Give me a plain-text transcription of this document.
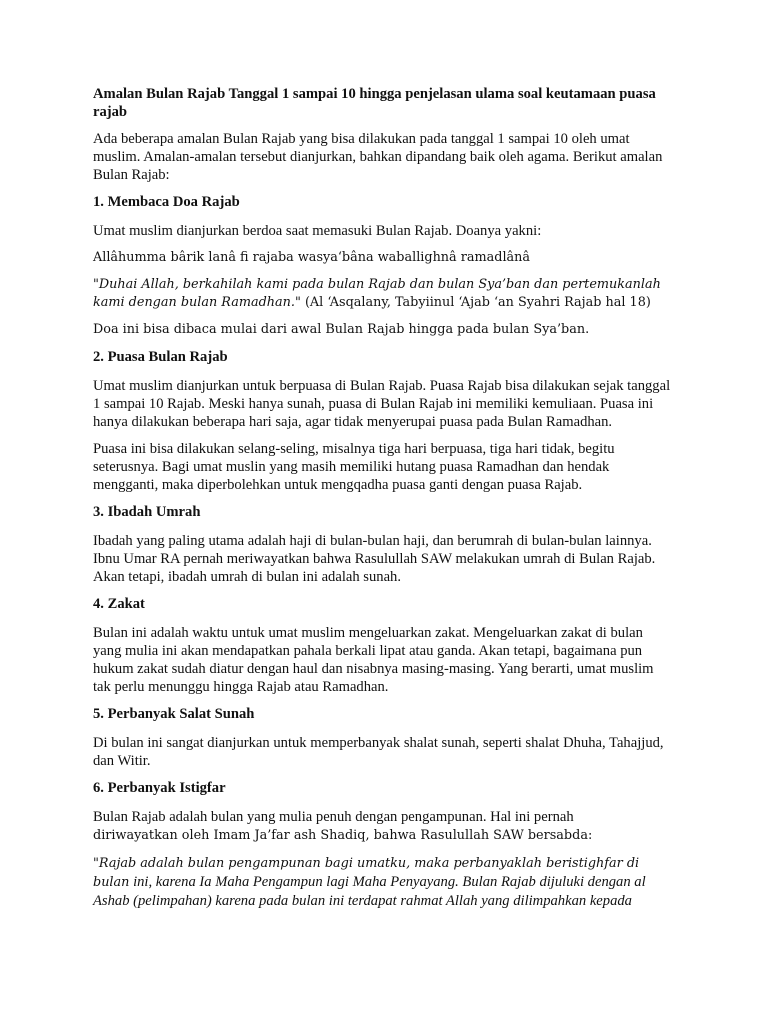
Amalan Bulan Rajab Tanggal 1 sampai 10 hingga penjelasan ulama soal keutamaan puasa rajab

Ada beberapa amalan Bulan Rajab yang bisa dilakukan pada tanggal 1 sampai 10 oleh umat muslim. Amalan-amalan tersebut dianjurkan, bahkan dipandang baik oleh agama. Berikut amalan Bulan Rajab:

1. Membaca Doa Rajab

Umat muslim dianjurkan berdoa saat memasuki Bulan Rajab. Doanya yakni:

Allâhumma bârik lanâ fi rajaba wasya‘bâna waballighnâ ramadlânâ

"Duhai Allah, berkahilah kami pada bulan Rajab dan bulan Sya’ban dan pertemukanlah kami dengan bulan Ramadhan." (Al ‘Asqalany, Tabyiinul ‘Ajab ‘an Syahri Rajab hal 18)

Doa ini bisa dibaca mulai dari awal Bulan Rajab hingga pada bulan Sya’ban.

2. Puasa Bulan Rajab

Umat muslim dianjurkan untuk berpuasa di Bulan Rajab. Puasa Rajab bisa dilakukan sejak tanggal 1 sampai 10 Rajab. Meski hanya sunah, puasa di Bulan Rajab ini memiliki kemuliaan. Puasa ini hanya dilakukan beberapa hari saja, agar tidak menyerupai puasa pada Bulan Ramadhan.

Puasa ini bisa dilakukan selang-seling, misalnya tiga hari berpuasa, tiga hari tidak, begitu seterusnya. Bagi umat muslin yang masih memiliki hutang puasa Ramadhan dan hendak mengganti, maka diperbolehkan untuk mengqadha puasa ganti dengan puasa Rajab.

3. Ibadah Umrah

Ibadah yang paling utama adalah haji di bulan-bulan haji, dan berumrah di bulan-bulan lainnya. Ibnu Umar RA pernah meriwayatkan bahwa Rasulullah SAW melakukan umrah di Bulan Rajab. Akan tetapi, ibadah umrah di bulan ini adalah sunah.

4. Zakat

Bulan ini adalah waktu untuk umat muslim mengeluarkan zakat. Mengeluarkan zakat di bulan yang mulia ini akan mendapatkan pahala berkali lipat atau ganda. Akan tetapi, bagaimana pun hukum zakat sudah diatur dengan haul dan nisabnya masing-masing. Yang berarti, umat muslim tak perlu menunggu hingga Rajab atau Ramadhan.

5. Perbanyak Salat Sunah

Di bulan ini sangat dianjurkan untuk memperbanyak shalat sunah, seperti shalat Dhuha, Tahajjud, dan Witir.

6. Perbanyak Istigfar

Bulan Rajab adalah bulan yang mulia penuh dengan pengampunan. Hal ini pernah
diriwayatkan oleh Imam Ja’far ash Shadiq, bahwa Rasulullah SAW bersabda:

"Rajab adalah bulan pengampunan bagi umatku, maka perbanyaklah beristighfar di bulan ini, karena Ia Maha Pengampun lagi Maha Penyayang. Bulan Rajab dijuluki dengan al Ashab (pelimpahan) karena pada bulan ini terdapat rahmat Allah yang dilimpahkan kepada
